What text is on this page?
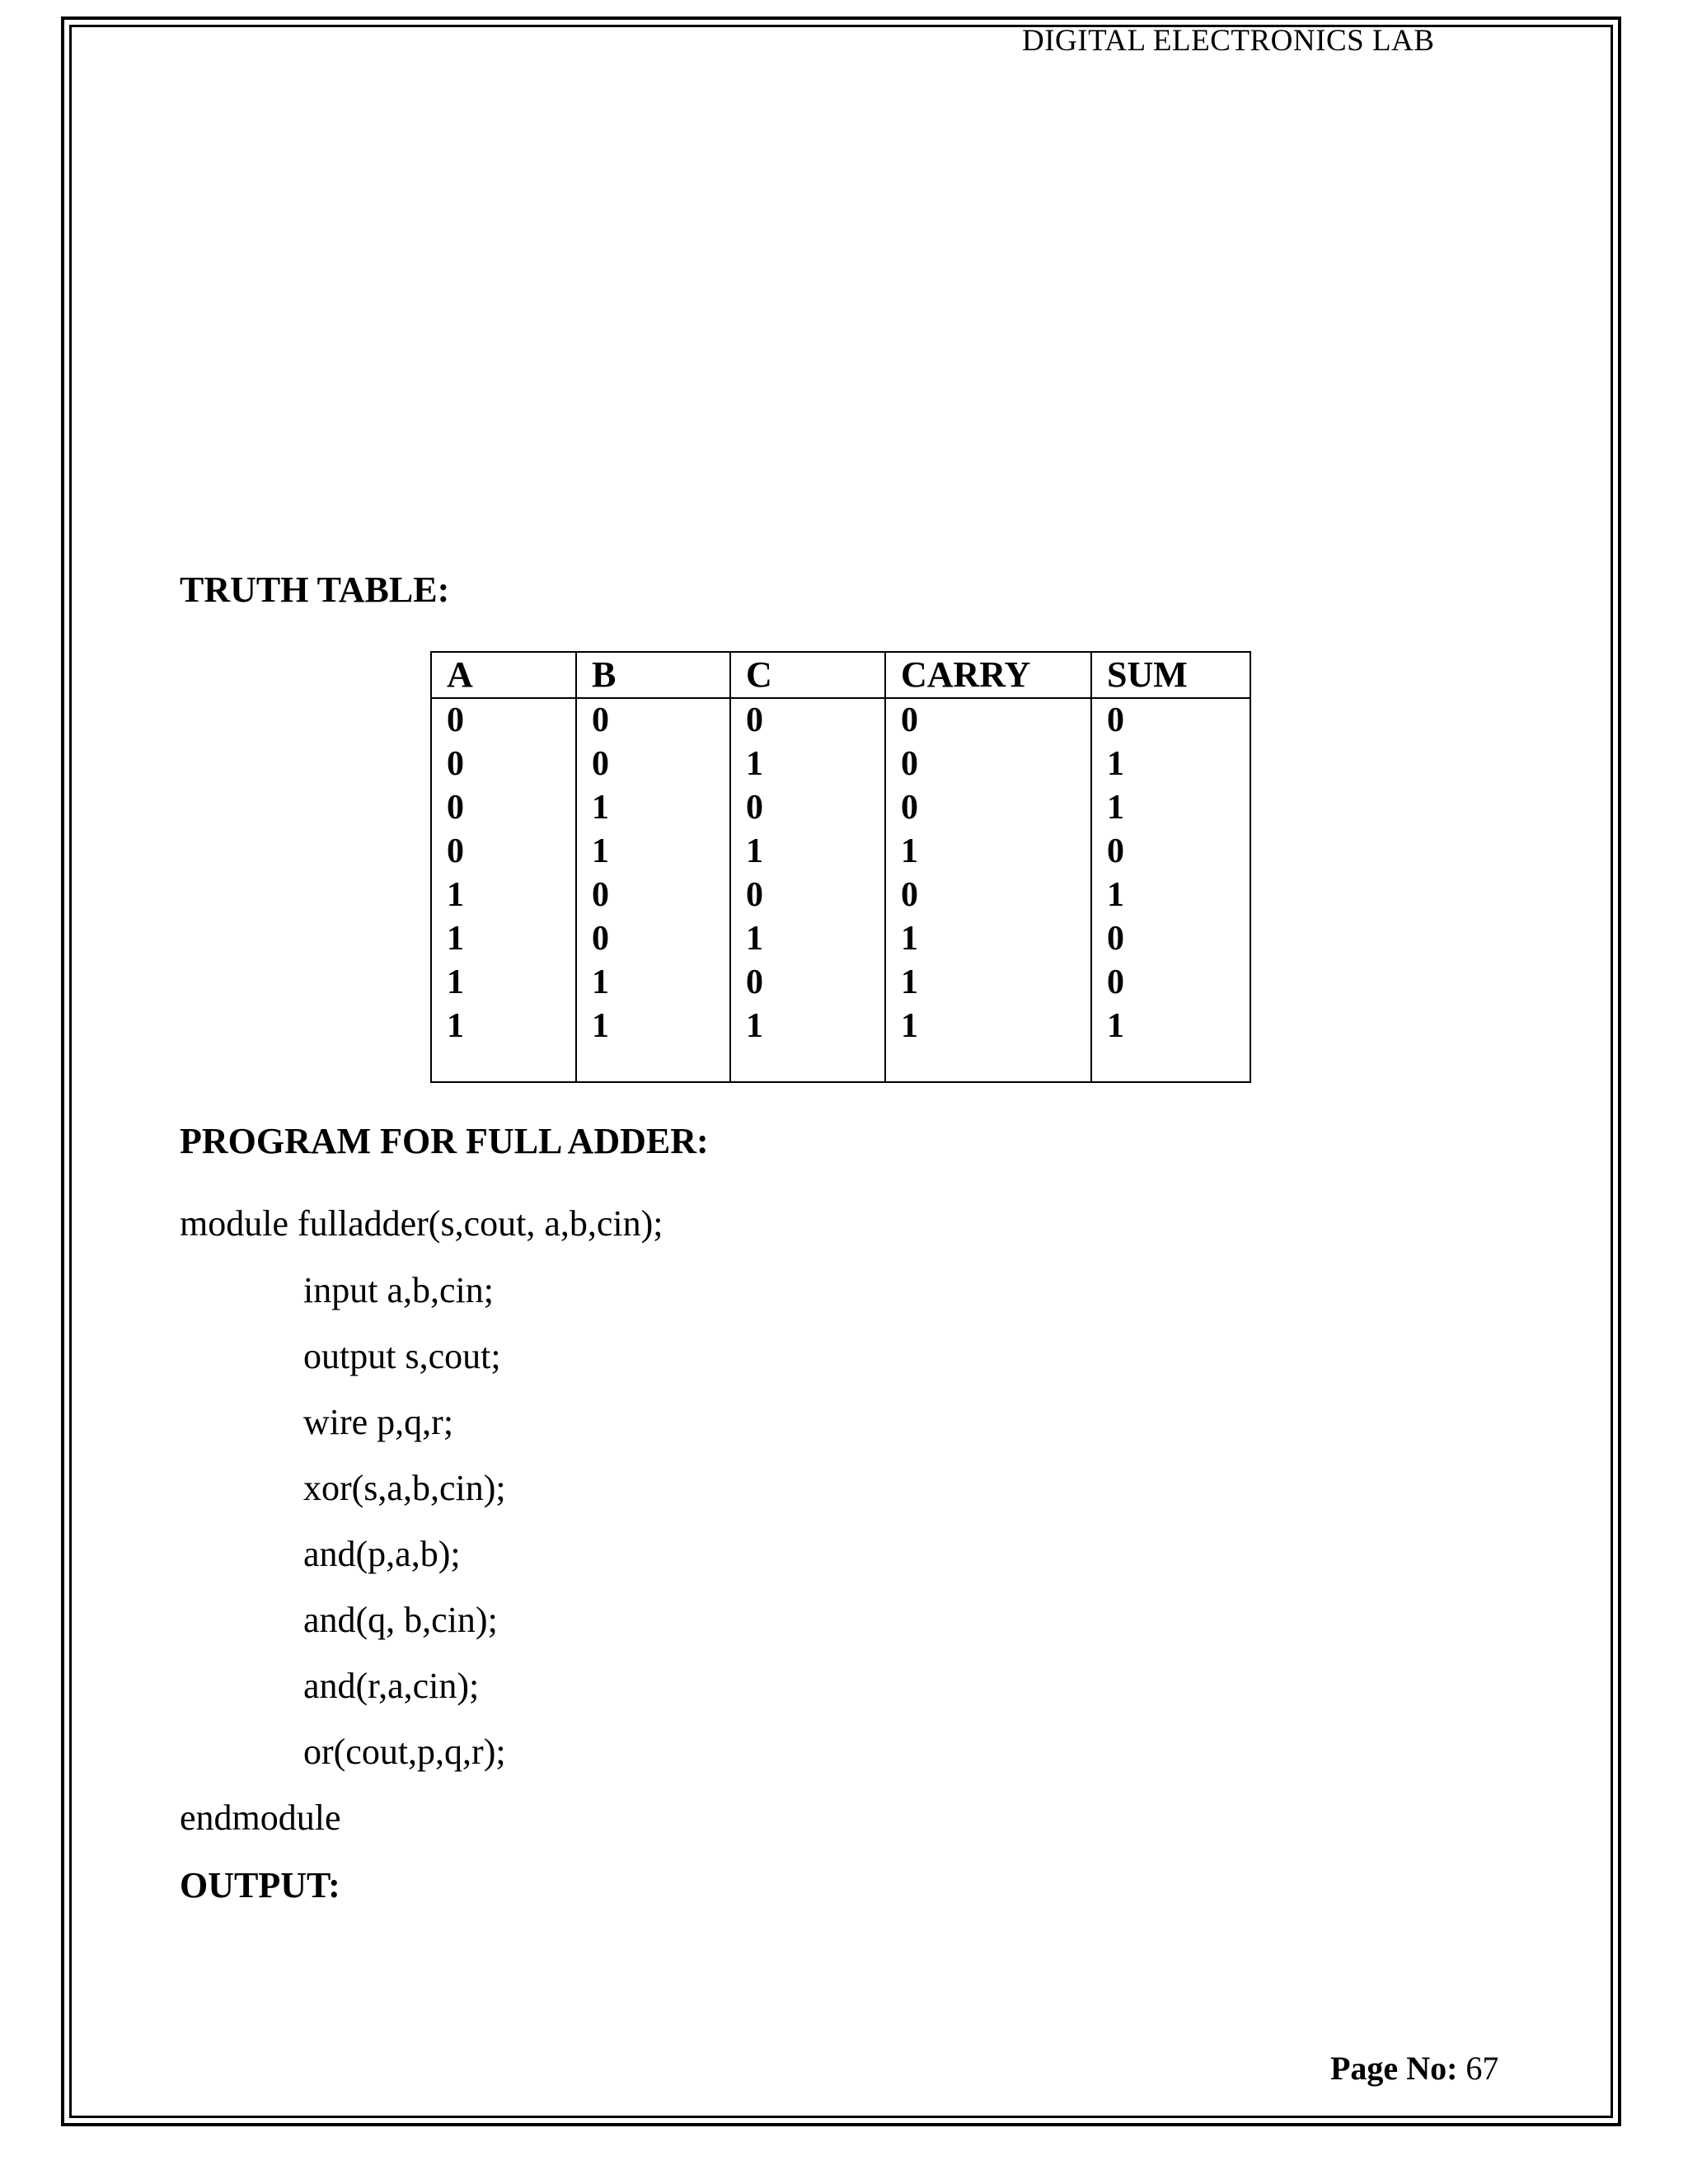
DIGITAL ELECTRONICS LAB
TRUTH TABLE:
A	B	C	CARRY	SUM
0	0	0	0	0
0	0	1	0	1
0	1	0	0	1
0	1	1	1	0
1	0	0	0	1
1	0	1	1	0
1	1	0	1	0
1	1	1	1	1

PROGRAM FOR FULL ADDER:
module fulladder(s,cout, a,b,cin);
input a,b,cin;
output s,cout;
wire p,q,r;
xor(s,a,b,cin);
and(p,a,b);
and(q, b,cin);
and(r,a,cin);
or(cout,p,q,r);
endmodule
OUTPUT:
Page No: 67
